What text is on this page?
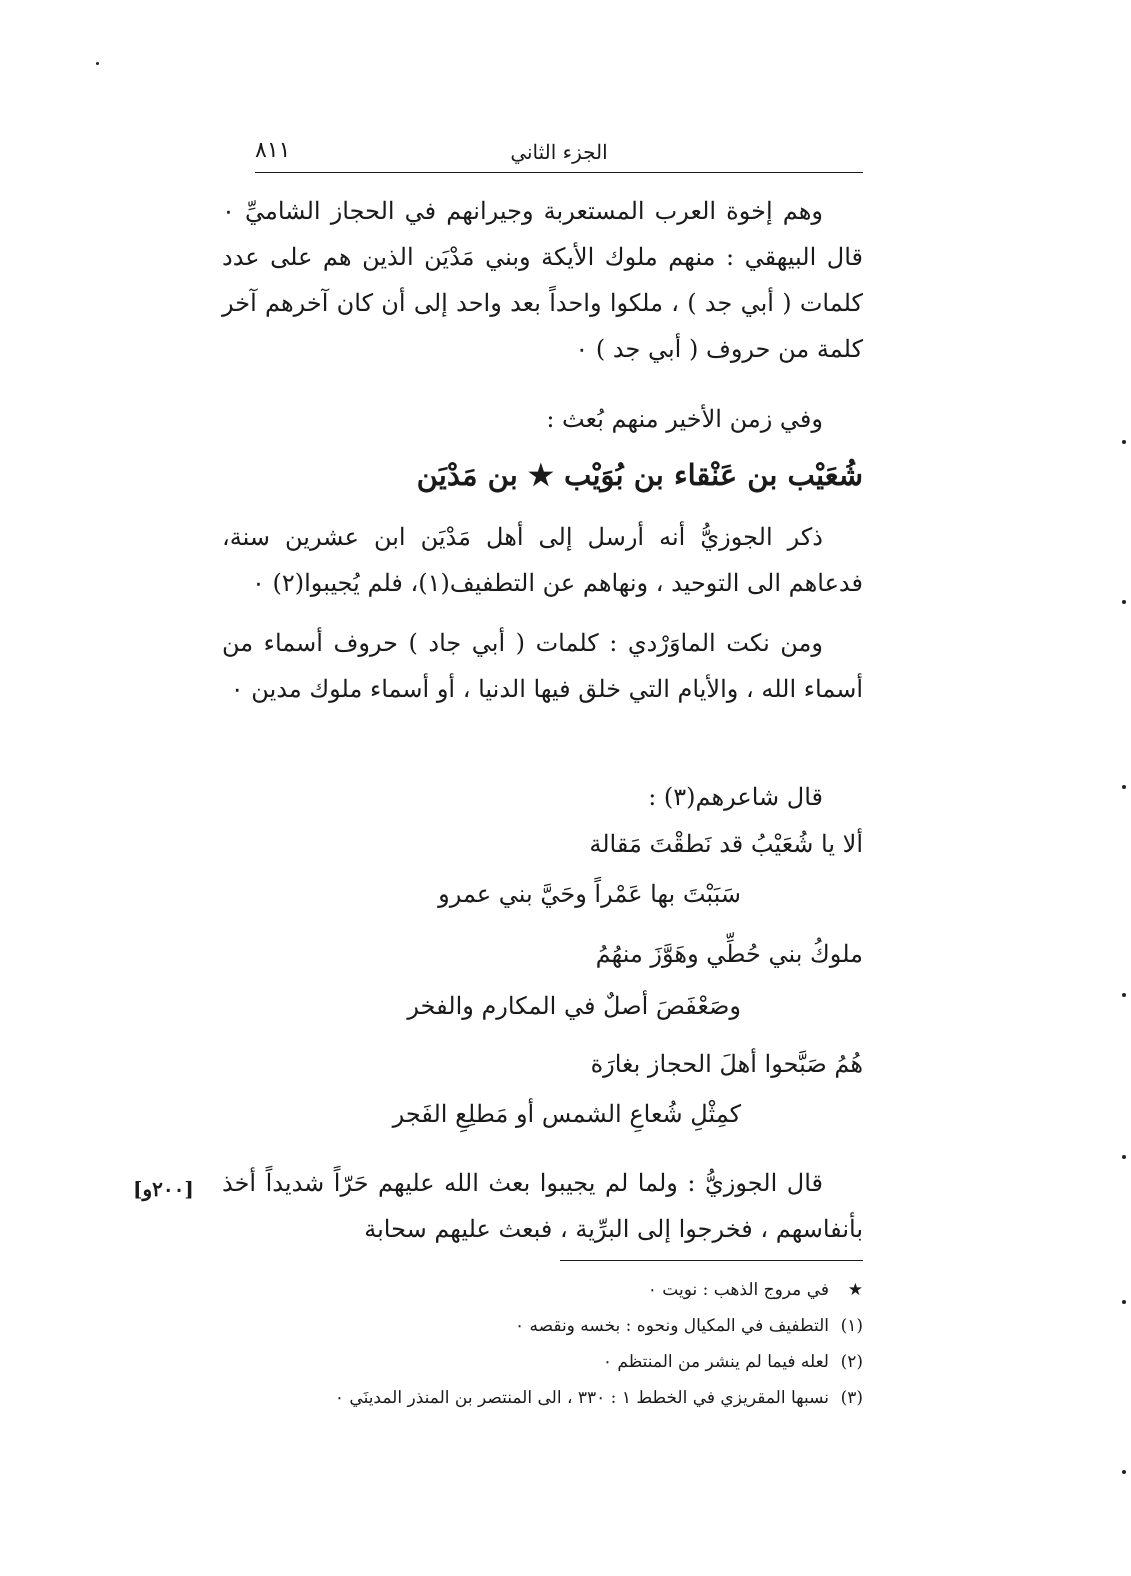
٨١١	الجزء الثاني

وهم إخوة العرب المستعربة وجيرانهم في الحجاز الشاميِّ ٠ قال البيهقي : منهم ملوك الأيكة وبني مَدْيَن الذين هم على عدد كلمات ( أبي جد ) ، ملكوا واحداً بعد واحد إلى أن كان آخرهم آخر كلمة من حروف ( أبي جد ) ٠

وفي زمن الأخير منهم بُعث :

شُعَيْب بن عَنْقاء بن بُوَيْب ★ بن مَدْيَن

ذكر الجوزيُّ أنه أرسل إلى أهل مَدْيَن ابن عشرين سنة، فدعاهم الى التوحيد ، ونهاهم عن التطفيف(١)، فلم يُجيبوا(٢) ٠

ومن نكت الماوَرْدي : كلمات ( أبي جاد ) حروف أسماء من أسماء الله ، والأيام التي خلق فيها الدنيا ، أو أسماء ملوك مدين ٠

قال شاعرهم(٣) :

ألا يا شُعَيْبُ قد نَطقْتَ مَقالة
سَبَبْتَ بها عَمْراً وحَيَّ بني عمرو
ملوكُ بني حُطِّي وهَوَّزَ منهُمُ
وصَعْفَصَ أصلٌ في المكارم والفخر
هُمُ صَبَّحوا أهلَ الحجاز بغارَة
كمِثْلِ شُعاعِ الشمس أو مَطلِعِ الفَجر
[٢٠٠و] قال الجوزيُّ : ولما لم يجيبوا بعث الله عليهم حَرّاً شديداً أخذ بأنفاسهم ، فخرجوا إلى البرِّية ، فبعث عليهم سحابة

★
في مروج الذهب : نويت ٠

(١)
التطفيف في المكيال ونحوه : بخسه ونقصه ٠

(٢)
لعله فيما لم ينشر من المنتظم ٠

(٣)
نسبها المقريزي في الخطط ١ : ٣٣٠ ، الى المنتصر بن المنذر المدينَي ٠
